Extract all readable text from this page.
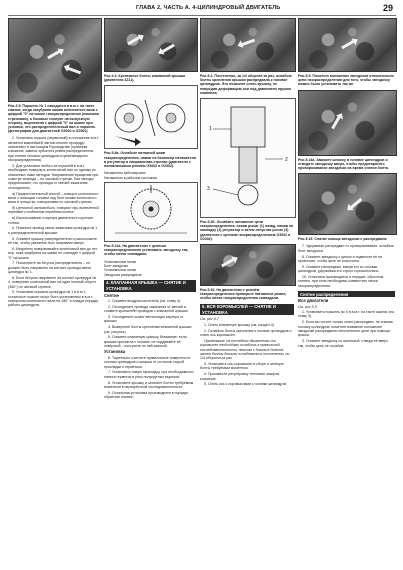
ГЛАВА 2, ЧАСТЬ А. 4-ЦИЛИНДРОВЫЙ ДВИГАТЕЛЬ	29
Рис.3.5. Поршень № 1 находится в в.м.т. на такте сжатия, когда зазубрина шкива коленчатого вала с цифрой "0" на шкале газораспределения (показано стрелками), а боковые смотрят на выпускную сторону, выровнена с цифрой "0" на шкале при условии, что распределительный вал и поршень (фотографии для двигателей G3002 и G2002)

2. Установка поршня (первичный) в положение в.м.т. является важнейшей частью многих процедур, описанных в настоящем Руководстве (проверка клапанов, замена зубчатого ремня распределителя, при снятии головки цилиндров и цепи/звездочек газораспределения).

3. Для установки любого из поршней в в.м.т. необходимо повернуть коленчатый вал по одному из описанных ниже методов. Направление вращения при осмотре спереди – по часовой стрелке. Все методы предполагают, что провода от свечей зажигания отсоединены.

а) Предпочтительный способ – поворот коленчатого вала с помощью головки под болт шкива коленчатого вала и трещотки, поворачивая по часовой стрелке.

б) Цепочный автомобиль: поворот при включённой передаче и поднятом переднем колесе.

в) Использование стартера двигателя в короткие толчки.

4. Пометьте провод свечи зажигания цилиндра № 1 и распределительной крышке.

5. Снимите крышку распределителя и расположите её так, чтобы указатель был направлен вверх.

6. Медленно поворачивайте коленчатый вал до тех пор, пока зазубрина на шкиве не совпадёт с цифрой "0" на шкале.

7. Посмотрите на бегунок распределителя – он должен быть направлен на контакт провода свечи цилиндра № 1.

8. Если бегунок направлен на контакт цилиндра № 4, поверните коленчатый вал на один полный оборот (360°) по часовой стрелке.

9. Установив поршень цилиндра № 1 в в.м.т., остальные поршни могут быть установлены в в.м.т. поворотом коленчатого вала на 180° и следуя порядку работы цилиндров.

Рис.4.4. Крепежные болты клапанной крышки (двигатели 4Z11).
Рис.5.6а. Ослабьте натяжной шкив газораспределения, нажав на балансир натяжителя и регулятор в направлении стрелки (двигатели с поликлиновым ремнём G3002 и G2002).
Натяжитель заблокирован
Натяжитель в рабочем состоянии
Рис.5.21а. На двигателях с цепным газораспределением установить звездочку так, чтобы метки совпадали.
Установочные метки
Болт звездочки
Установочные метки
Звездочка распредвала
4. КЛАПАННАЯ КРЫШКА — СНЯТИЕ И УСТАНОВКА
Снятие

1. Снимите воздухоочиститель (см. главу 4).

2. Отсоедините провода зажигания от свечей и снимите кронштейн проводов с клапанной крышки.

3. Отсоедините шланг вентиляции картера от крышки.

4. Выверните болты крепления клапанной крышки (см. рисунок).

5. Снимите клапанную крышку. Внимание: если крышка прилипла к головке, не поддевайте её отвёрткой – постучите по ней киянкой.

Установка

6. Тщательно очистите привалочные поверхности головки цилиндров и крышки от остатков старой прокладки и герметика.

7. Установите новую прокладку, при необходимости нанеся герметик в углы полукруглых вырезов.

8. Установите крышку и затяните болты требуемым моментом в перекрёстной последовательности.

9. Остальная установка производится в порядке, обратном снятию.

Рис.5.2. Постепенно, за 1/4 оборота за раз, ослабьте болты крепления крышки распредвала к головке цилиндров. Это позволит снять крышку, не повредив деформацию оси под давлением пружин клапанов.
1
2
3
Рис.5.4б. Ослабить натяжение цепи газораспределения, отжав рычаг (1) назад, нажав на накладку (2) регулятор и затем отпустив рычаг (3) (двигатели с цепным газораспределением G3002 и G2002).
Рис.5.10. На двигателях с ремнём газораспределения проверьте натяжение ремня, чтобы метки газораспределения совпадали.
5. ВСЯ КОРОМЫСЛЕЙ — СНЯТИЕ И УСТАНОВКА
См. рис.5.7

1. Снять клапанную крышку (см. раздел 4).

2. Ослабить болты крепления к головке цилиндров и снять ось коромысел.

Примечание: на последних двигателях ось коромысел необходимо ослабить в правильной последовательности, начиная с боковых болтов, затем болты должны ослабеваться постепенно, по 1/4 оборота за раз.

3. Установить ось коромысел в сборе и затянуть болты требуемым моментом.

4. Произвести регулировку тепловых зазоров клапанов.

5. Снять ось с коромыслами с головки цилиндров.

Рис.5.5. Пометьте положение звездочки относительно цепи газораспределения для того, чтобы звездочку можно было установить так же.
Рис.5.14а. Зажмите шпилку в головке цилиндров и отведите звездочку вверх, чтобы предотвратить проворачивание звездочки на время снятия болта.
Рис.5.15. Снятие кольца звездочки с распредвала.

7. Удерживая распредвал от проворачивания, ослабьте болт звездочки.

8. Снимите звездочку с цепью и подвесьте её на проволоке, чтобы цепь не соскочила.

9. Снимите распредвал, вынув его из головки цилиндров, удерживая его строго горизонтально.

10. Установка производится в порядке, обратном снятию, при этом необходимо совместить метки газораспределения.

Снятие распределения
Все двигатели
См. рис.5.5

1. Установить поршень № 4 в в.м.т. на такте сжатия (см. главу 3).

2. Если вы хотите только снять распредвал, не снимая головку цилиндров, пометьте взаимное положение звездочки распредвала относительно цепи при помощи краски.

3. Снимите звездочку со шпилькой, отведя её вверх так, чтобы цепь не ослабла.
